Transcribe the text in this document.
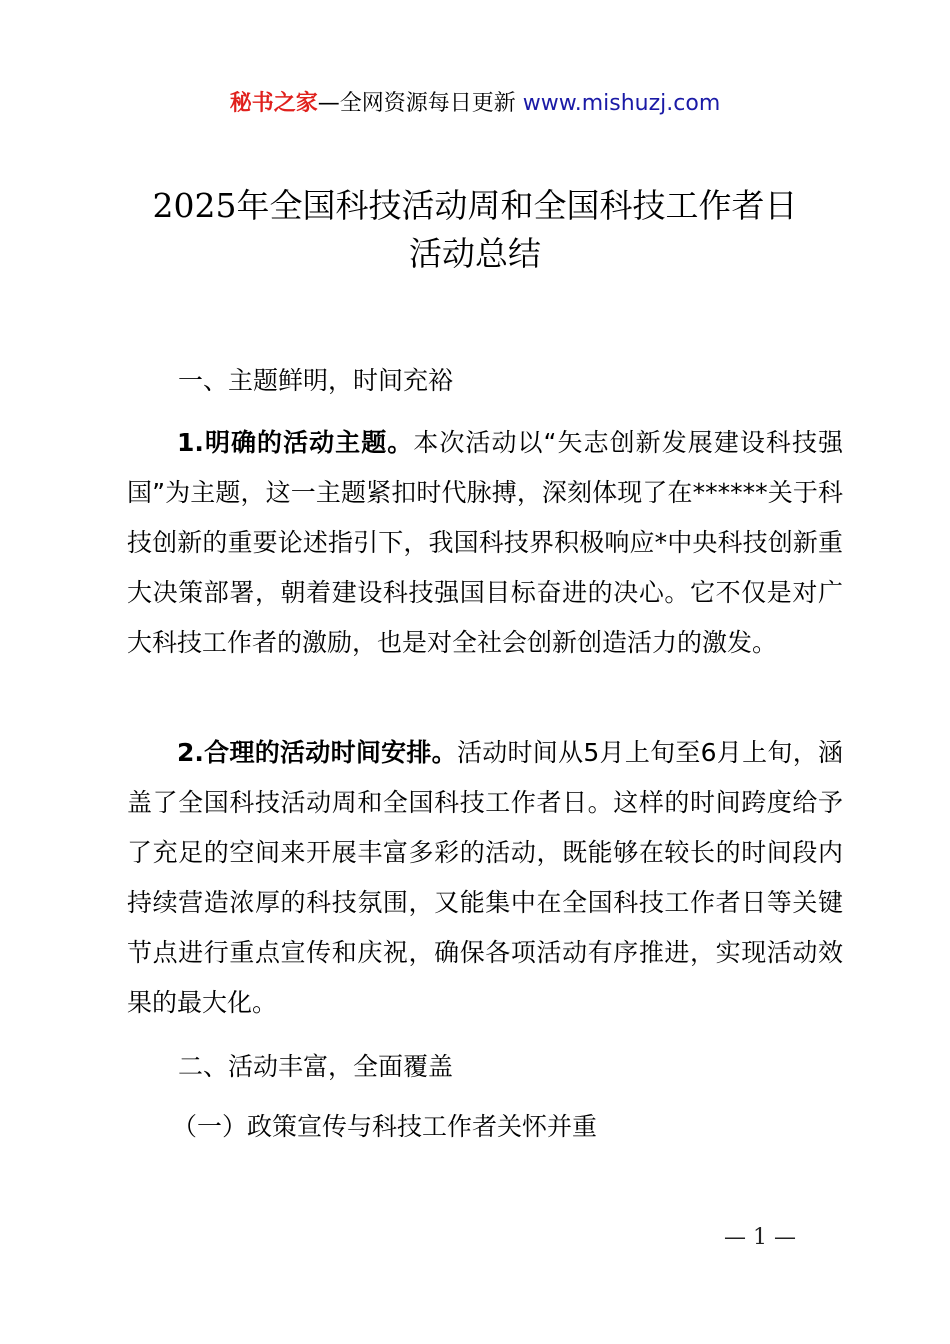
秘书之家—全网资源每日更新 www.mishuzj.com
2025年全国科技活动周和全国科技工作者日
活动总结
一、主题鲜明，时间充裕

1.明确的活动主题。本次活动以“矢志创新发展建设科技强国”为主题，这一主题紧扣时代脉搏，深刻体现了在******关于科技创新的重要论述指引下，我国科技界积极响应*中央科技创新重大决策部署，朝着建设科技强国目标奋进的决心。它不仅是对广大科技工作者的激励，也是对全社会创新创造活力的激发。

2.合理的活动时间安排。活动时间从5月上旬至6月上旬，涵盖了全国科技活动周和全国科技工作者日。这样的时间跨度给予了充足的空间来开展丰富多彩的活动，既能够在较长的时间段内持续营造浓厚的科技氛围，又能集中在全国科技工作者日等关键节点进行重点宣传和庆祝，确保各项活动有序推进，实现活动效果的最大化。

二、活动丰富，全面覆盖
（一）政策宣传与科技工作者关怀并重
— 1 —
